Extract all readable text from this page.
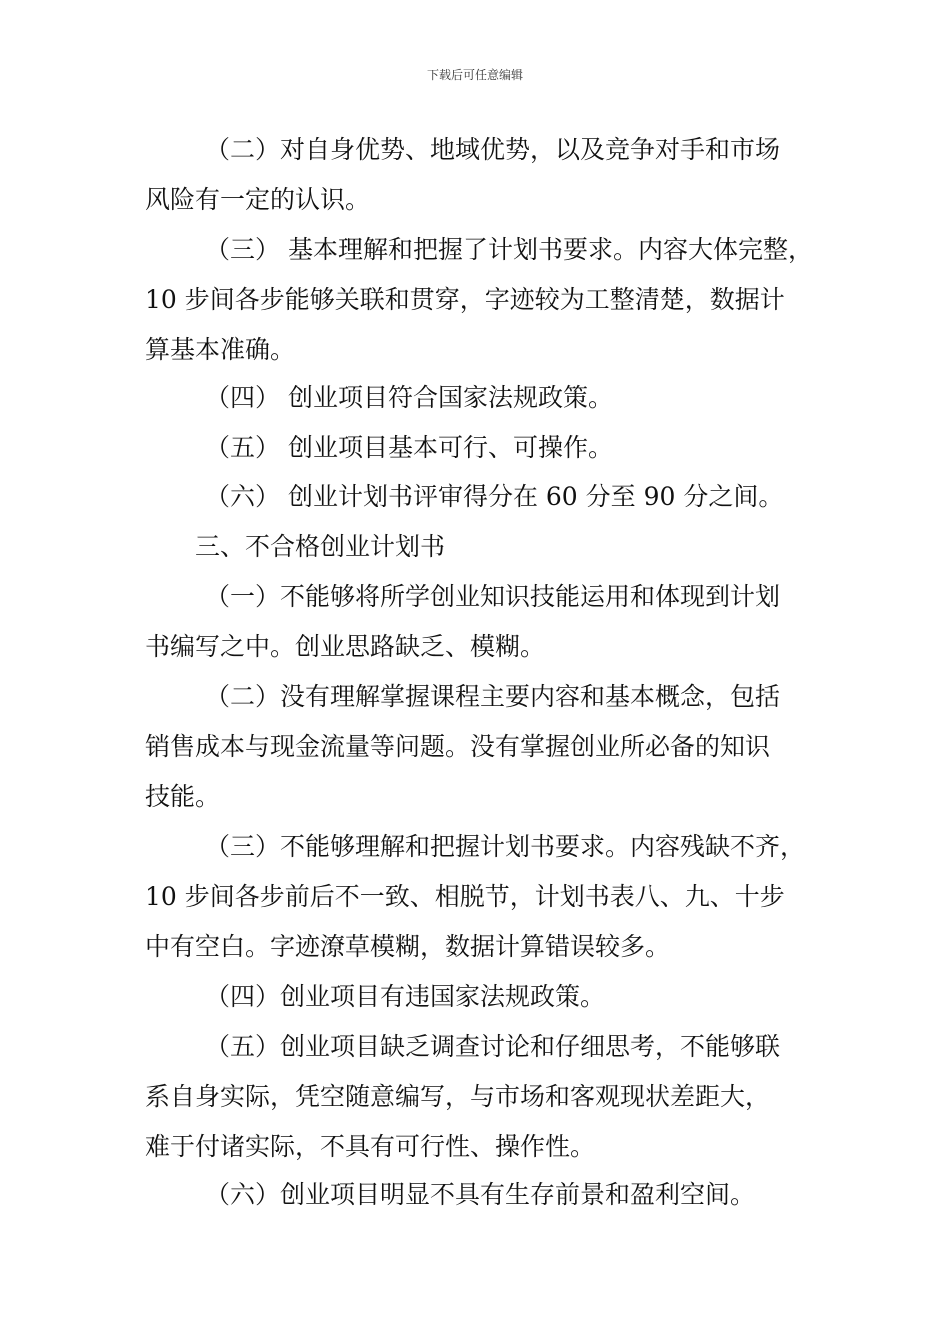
下载后可任意编辑
（二）对自身优势、地域优势，以及竞争对手和市场
风险有一定的认识。
（三） 基本理解和把握了计划书要求。内容大体完整，
10 步间各步能够关联和贯穿，字迹较为工整清楚，数据计
算基本准确。
（四） 创业项目符合国家法规政策。
（五） 创业项目基本可行、可操作。
（六） 创业计划书评审得分在 60 分至 90 分之间。
三、不合格创业计划书
（一）不能够将所学创业知识技能运用和体现到计划
书编写之中。创业思路缺乏、模糊。
（二）没有理解掌握课程主要内容和基本概念，包括
销售成本与现金流量等问题。没有掌握创业所必备的知识
技能。
（三）不能够理解和把握计划书要求。内容残缺不齐，
10 步间各步前后不一致、相脱节，计划书表八、九、十步
中有空白。字迹潦草模糊，数据计算错误较多。
（四）创业项目有违国家法规政策。
（五）创业项目缺乏调查讨论和仔细思考，不能够联
系自身实际，凭空随意编写，与市场和客观现状差距大，
难于付诸实际，不具有可行性、操作性。
（六）创业项目明显不具有生存前景和盈利空间。
